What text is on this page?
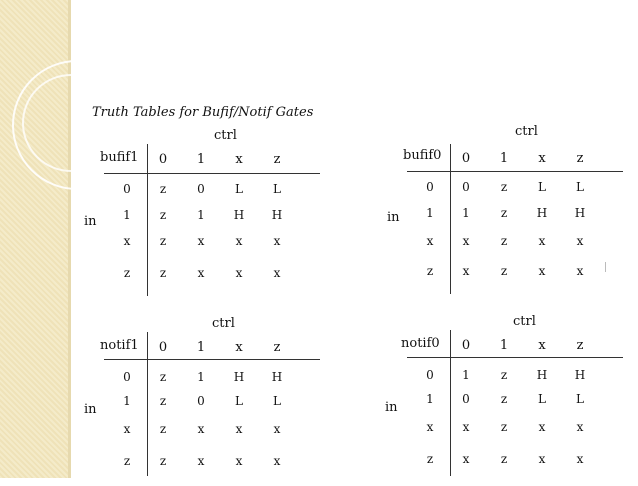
Truth Tables for Bufif/Notif Gates
ctrl
bufif1
in
0	1	x	z
0	z	0	L	L
1	z	1	H	H
x	z	x	x	x
z	z	x	x	x
ctrl
bufif0
in
0	1	x	z
0	0	z	L	L
1	1	z	H	H
x	x	z	x	x
z	x	z	x	x
ctrl
notif1
in
0	1	x	z
0	z	1	H	H
1	z	0	L	L
x	z	x	x	x
z	z	x	x	x
ctrl
notif0
in
0	1	x	z
0	1	z	H	H
1	0	z	L	L
x	x	z	x	x
z	x	z	x	x
